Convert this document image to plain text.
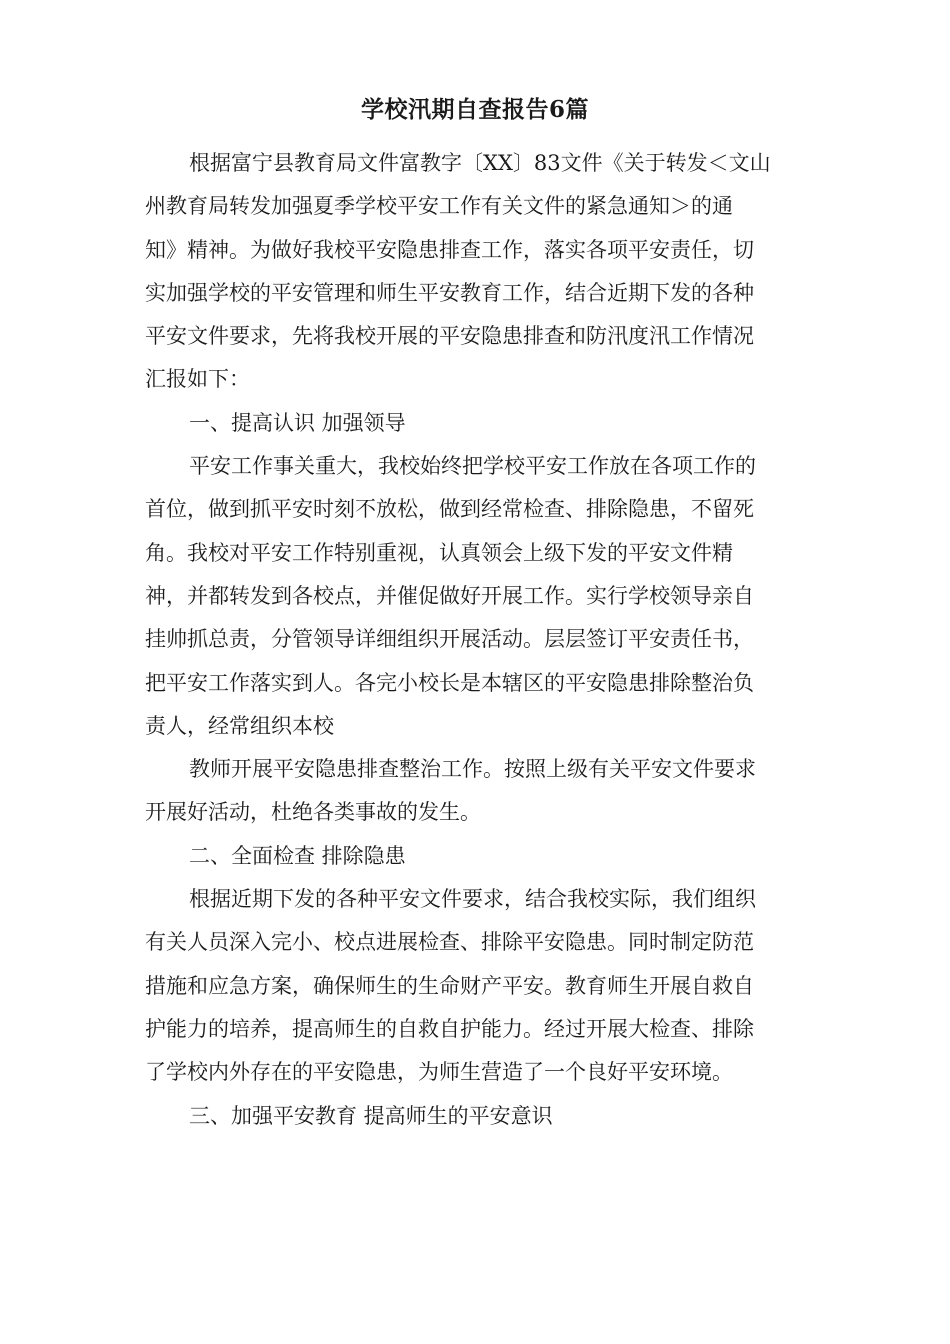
学校汛期自查报告6篇
根据富宁县教育局文件富教字〔XX〕83文件《关于转发＜文山
州教育局转发加强夏季学校平安工作有关文件的紧急通知＞的通
知》精神。为做好我校平安隐患排查工作，落实各项平安责任，切
实加强学校的平安管理和师生平安教育工作，结合近期下发的各种
平安文件要求，先将我校开展的平安隐患排查和防汛度汛工作情况
汇报如下：
一、提高认识 加强领导
平安工作事关重大，我校始终把学校平安工作放在各项工作的
首位，做到抓平安时刻不放松，做到经常检查、排除隐患，不留死
角。我校对平安工作特别重视，认真领会上级下发的平安文件精
神，并都转发到各校点，并催促做好开展工作。实行学校领导亲自
挂帅抓总责，分管领导详细组织开展活动。层层签订平安责任书，
把平安工作落实到人。各完小校长是本辖区的平安隐患排除整治负
责人，经常组织本校
教师开展平安隐患排查整治工作。按照上级有关平安文件要求
开展好活动，杜绝各类事故的发生。
二、全面检查 排除隐患
根据近期下发的各种平安文件要求，结合我校实际，我们组织
有关人员深入完小、校点进展检查、排除平安隐患。同时制定防范
措施和应急方案，确保师生的生命财产平安。教育师生开展自救自
护能力的培养，提高师生的自救自护能力。经过开展大检查、排除
了学校内外存在的平安隐患，为师生营造了一个良好平安环境。
三、加强平安教育 提高师生的平安意识
